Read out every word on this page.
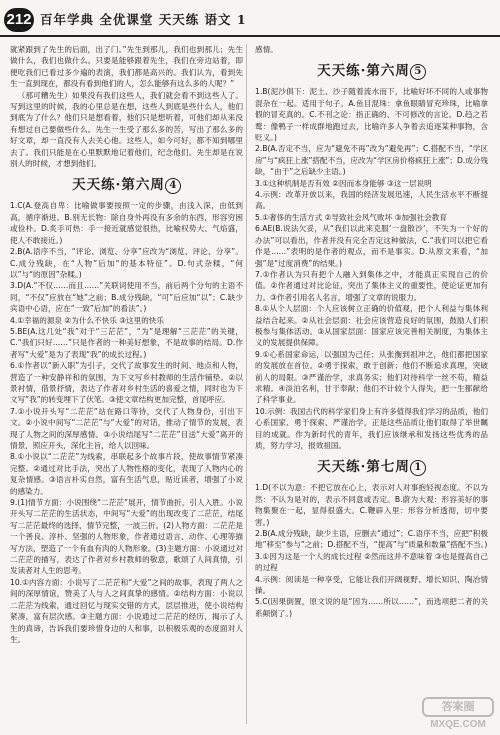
212 百年学典 全优课堂 天天练 语文 1

就紧跟到了先生的后面，出了门。”先生到那儿，我们也到那儿；先生做什么，我们也做什么。只要是能够跟着先生，我们在旁边站着，即便吃我们已看过多少遍的表演，我们都是高兴的。我们认为，看到先生一直到现在，都没有看到他们的人，怎么能够有这么多的人呢？”

（那可糟先生）如果没有我们这些人，我们就会看不到这些人了。写到这里的时候，我的心里总是在想，这些人到底是些什么人，他们到底为了什么？他们只是想看着，他们只是想听着，可他们却从来没有想过自己要做些什么。先生一生受了那么多的苦，写出了那么多的好文章，却一直没有人去关心他。这些人，如今可好，都不知到哪里去了。我们只能是在心里默默地记着他们，纪念他们。先生却是在说别人的时候，才想到他们。

天天练·第六周 4

1.C(A.登高自卑：比喻做事要按照一定的步骤，由浅入深，由低到高，循序渐进。B.别无长物：除自身外再没有多余的东西，形容穷困或俭朴。D.炙手可热：手一接近就感觉很热，比喻权势大、气焰盛，使人不敢接近。)

2.B(A.语序不当，“评论、浏览、分享”应改为“浏览、评论、分享”。C.成分残缺，在“人物”后加“的基本特征”。D.句式杂糅，“何以”与“的原因”杂糅。)

3.D(A.“不仅……而且……”关联词使用不当，前后两个分句的主语不同，“不仅”应放在“她”之前；B.成分残缺，“可”后应加“以”；C.缺少宾语中心语，应在“一致”后加“的看法”。)

4.①幸福的源泉 ②为什么不快乐 ③这里的快乐

5.BE(A.这几处“我”对于“三茫茫”，“为”是理解“三茫茫”的关键，C.“我们只好……”只是作者的一种美好想象，不是故事的结局。D.作者写“大爱”是为了表现“我”的成长过程。)

6.①作者以“新入职”为引子，交代了故事发生的时间、地点和人物，营造了一种安静祥和的氛围，为下文写乡村教师的生活作铺垫。②以景衬情，借景抒情，表达了作者对乡村生活的喜爱之情，同时也为下文写“我”的转变埋下了伏笔。③使文章结构更加完整，首尾呼应。

7.①小说开头写“二茫茫”站在路口等待，交代了人物身份，引出下文。②小说中间写“二茫茫”与“大爱”的对话，推动了情节的发展，表现了人物之间的深厚感情。③小说结尾写“二茫茫”目送“大爱”离开的情景，照应开头，深化主旨，给人以回味。

8.①小说以“二茫茫”为线索，串联起多个故事片段，使故事情节紧凑完整。②通过对比手法，突出了人物性格的变化，表现了人物内心的复杂情感。③语言朴实自然，富有生活气息，贴近读者，增强了小说的感染力。

9.(1)情节方面：小说围绕“二茫茫”展开，情节曲折，引人入胜。小说开头写二茫茫的生活状态，中间写“大爱”的出现改变了二茫茫，结尾写二茫茫最终的选择，情节完整，一波三折。(2)人物方面：二茫茫是一个善良、淳朴、坚强的人物形象，作者通过语言、动作、心理等描写方法，塑造了一个有血有肉的人物形象。(3)主题方面：小说通过对二茫茫的描写，表达了作者对乡村教师的敬意，歌颂了人间真情，引发读者对人生的思考。

10.①内容方面：小说写了二茫茫和“大爱”之间的故事，表现了两人之间的深厚情谊，赞美了人与人之间真挚的感情。②结构方面：小说以二茫茫为线索，通过回忆与现实交错的方式，层层推进，使小说结构紧凑，富有层次感。③主题方面：小说通过二茫茫的经历，揭示了人生的真谛，告诉我们要珍惜身边的人和事，以积极乐观的态度面对人生。

感情。

天天练·第六周 5

1.B(泥沙俱下：泥土、沙子随着流水而下，比喻好坏不同的人或事物混杂在一起。适用于句子。A.鱼目混珠：拿鱼眼睛冒充珍珠，比喻拿假的冒充真的。C.不刊之论：指正确的、不可修改的言论。D.趋之若鹜：像鸭子一样成群地跑过去，比喻许多人争着去追逐某种事物，含贬义。)

2.B(A.否定不当，应为“避免不再”改为“避免再”；C.搭配不当，“学区房”与“疯狂上涨”搭配不当，应改为“学区房价格疯狂上涨”；D.成分残缺，“由于”之后缺少主语。)

3.①这种机制是否有效 ②因而本身能够 ③这一层说明

4.示例：改革开放以来，我国的经济发展迅速，人民生活水平不断提高。

5.①奢侈的生活方式 ②导致社会风气败坏 ③加强社会教育

6.AE(B.说法欠妥，从“我们以此来克服‘一盘散沙’，不失为一个好的办法”可以看出，作者并没有完全否定这种做法，C.“我们可以把它看作是……”表明的是作者的观点，而不是事实。D.从原文来看，“加强”是“过度消费”的结果。)

7.①作者认为只有把个人融入到集体之中，才能真正实现自己的价值。②作者通过对比论证，突出了集体主义的重要性，使论证更加有力。③作者引用名人名言，增强了文章的说服力。

8.①从个人层面：个人应该树立正确的价值观，把个人利益与集体利益结合起来。②从社会层面：社会应该营造良好的氛围，鼓励人们积极参与集体活动。③从国家层面：国家应该完善相关制度，为集体主义的发展提供保障。

9.①心系国家命运，以强国为己任；从张衡到祖冲之，他们都把国家的发展放在首位。②勇于探索，敢于创新；他们不断追求真理，突破前人的局限。③严谨治学，求真务实；他们对待科学一丝不苟，精益求精。④淡泊名利，甘于奉献；他们不计较个人得失，把一生都献给了科学事业。

10.示例：我国古代的科学家们身上有许多值得我们学习的品质，他们心系国家、勇于探索、严谨治学，正是这些品质让他们取得了举世瞩目的成就。作为新时代的青年，我们应该继承和发扬这些优秀的品质，努力学习，报效祖国。

天天练·第七周 1

1.D(不以为意：不把它放在心上，表示对人对事抱轻视态度。不以为然：不认为是对的，表示不同意或否定。B.蔚为大观：形容美好的事物集聚在一起，显得很盛大。C.鞭辟入里：形容分析透彻，切中要害。)

2.B(A.成分残缺，缺少主语，应删去“通过”；C.语序不当，应把“积极地”移至“参与”之前；D.搭配不当，“提高”与“质量和数量”搭配不当。)

3.①因为这是一个人的成长过程 ②然而这并不意味着 ③也是提高自己的过程

4.示例：阅读是一种享受，它能让我们开阔视野、增长知识、陶冶情操。

5.C(因果倒置，原文说的是“因为……所以……”，而选项把二者的关系颠倒了。)

答案圈
MXQE.COM
